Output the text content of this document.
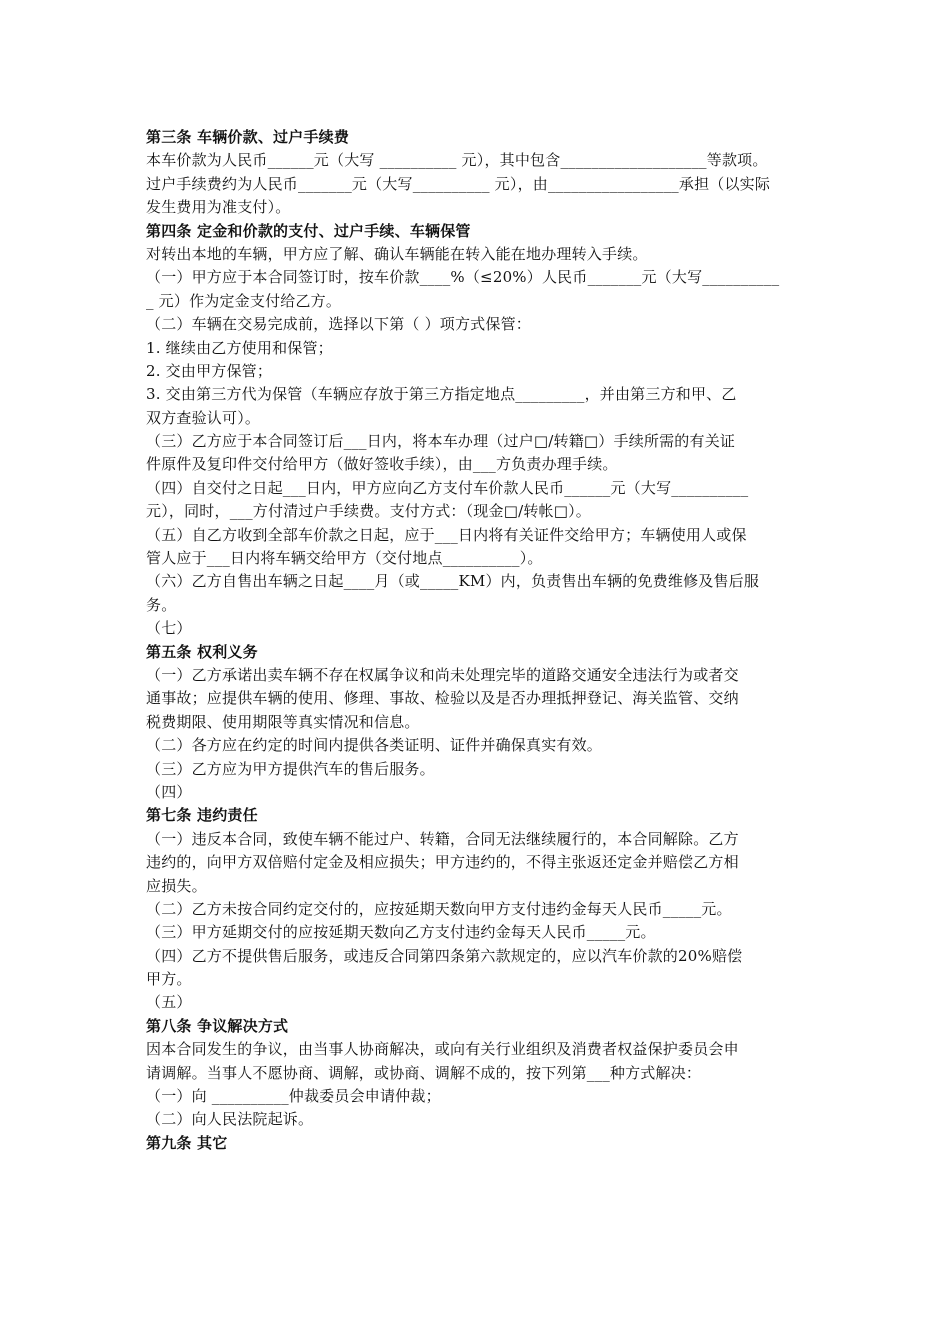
第三条 车辆价款、过户手续费
本车价款为人民币______元（大写 __________ 元），其中包含___________________等款项。
过户手续费约为人民币_______元（大写__________ 元），由_________________承担（以实际
发生费用为准支付）。
第四条 定金和价款的支付、过户手续、车辆保管
对转出本地的车辆，甲方应了解、确认车辆能在转入能在地办理转入手续。
（一）甲方应于本合同签订时，按车价款____%（≤20%）人民币_______元（大写__________
_ 元）作为定金支付给乙方。
（二）车辆在交易完成前，选择以下第（ ）项方式保管：
1. 继续由乙方使用和保管；
2. 交由甲方保管；
3. 交由第三方代为保管（车辆应存放于第三方指定地点_________，并由第三方和甲、乙
双方查验认可）。
（三）乙方应于本合同签订后___日内，将本车办理（过户□/转籍□）手续所需的有关证
件原件及复印件交付给甲方（做好签收手续），由___方负责办理手续。
（四）自交付之日起___日内，甲方应向乙方支付车价款人民币______元（大写__________
元），同时，___方付清过户手续费。支付方式：（现金□/转帐□）。
（五）自乙方收到全部车价款之日起，应于___日内将有关证件交给甲方；车辆使用人或保
管人应于___日内将车辆交给甲方（交付地点__________）。
（六）乙方自售出车辆之日起____月（或_____KM）内，负责售出车辆的免费维修及售后服
务。
（七）
第五条 权利义务
（一）乙方承诺出卖车辆不存在权属争议和尚未处理完毕的道路交通安全违法行为或者交
通事故；应提供车辆的使用、修理、事故、检验以及是否办理抵押登记、海关监管、交纳
税费期限、使用期限等真实情况和信息。
（二）各方应在约定的时间内提供各类证明、证件并确保真实有效。
（三）乙方应为甲方提供汽车的售后服务。
（四）
第七条 违约责任
（一）违反本合同，致使车辆不能过户、转籍，合同无法继续履行的，本合同解除。乙方
违约的，向甲方双倍赔付定金及相应损失；甲方违约的，不得主张返还定金并赔偿乙方相
应损失。
（二）乙方未按合同约定交付的，应按延期天数向甲方支付违约金每天人民币_____元。
（三）甲方延期交付的应按延期天数向乙方支付违约金每天人民币_____元。
（四）乙方不提供售后服务，或违反合同第四条第六款规定的，应以汽车价款的20%赔偿
甲方。
（五）
第八条 争议解决方式
因本合同发生的争议，由当事人协商解决，或向有关行业组织及消费者权益保护委员会申
请调解。当事人不愿协商、调解，或协商、调解不成的，按下列第___种方式解决：
（一）向 __________仲裁委员会申请仲裁；
（二）向人民法院起诉。
第九条 其它
